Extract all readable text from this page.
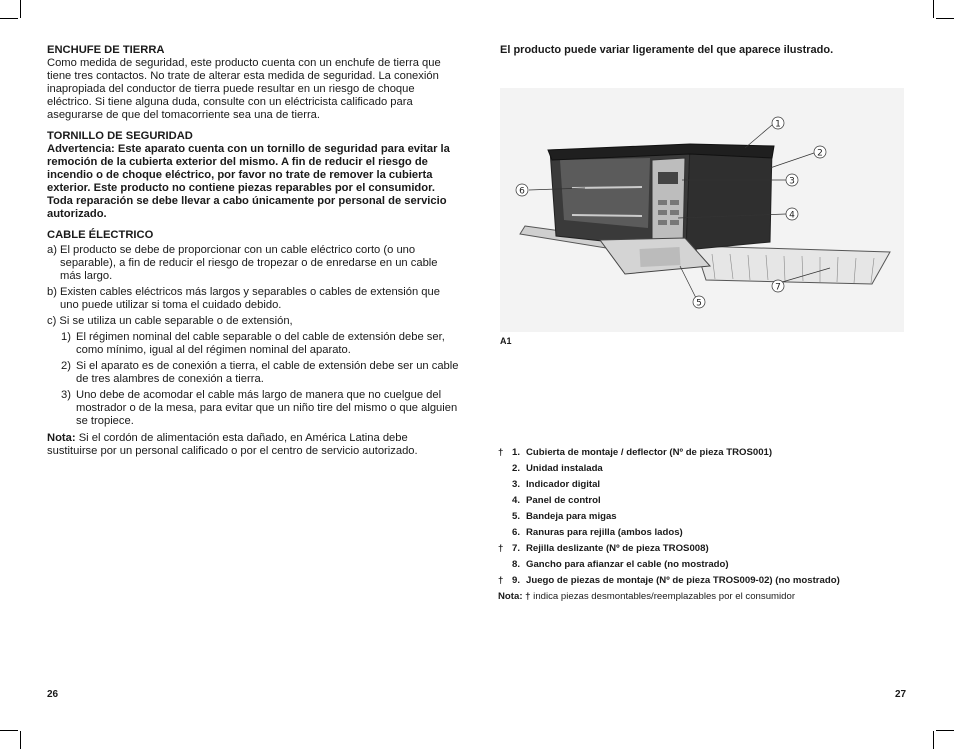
ENCHUFE DE TIERRA

Como medida de seguridad, este producto cuenta con un enchufe de tierra que tiene tres contactos. No trate de alterar esta medida de seguridad. La conexión inapropiada del conductor de tierra puede resultar en un riesgo de choque eléctrico. Si tiene alguna duda, consulte con un eléctricista calificado para asegurarse de que del tomacorriente sea una de tierra.

TORNILLO DE SEGURIDAD

Advertencia: Este aparato cuenta con un tornillo de seguridad para evitar la remoción de la cubierta exterior del mismo. A fin de reducir el riesgo de incendio o de choque eléctrico, por favor no trate de remover la cubierta exterior. Este producto no contiene piezas reparables por el consumidor. Toda reparación se debe llevar a cabo únicamente por personal de servicio autorizado.

CABLE ÉLECTRICO

a) El producto se debe de proporcionar con un cable eléctrico corto (o uno separable), a fin de reducir el riesgo de tropezar o de enredarse en un cable más largo.

b) Existen cables eléctricos más largos y separables o cables de extensión que uno puede utilizar si toma el cuidado debido.

c) Si se utiliza un cable separable o de extensión,

1) El régimen nominal del cable separable o del cable de extensión debe ser, como mínimo, igual al del régimen nominal del aparato.

2) Si el aparato es de conexión a tierra, el cable de extensión debe ser un cable de tres alambres de conexión a tierra.

3) Uno debe de acomodar el cable más largo de manera que no cuelgue del mostrador o de la mesa, para evitar que un niño tire del mismo o que alguien se tropiece.

Nota: Si el cordón de alimentación esta dañado, en América Latina debe sustituirse por un personal calificado o por el centro de servicio autorizado.

26
El producto puede variar ligeramente del que aparece ilustrado.
1
2
3
4
5
6
7
A1
† 1. Cubierta de montaje / deflector (Nº de pieza TROS001)
2. Unidad instalada
3. Indicador digital
4. Panel de control
5. Bandeja para migas
6. Ranuras para rejilla (ambos lados)
† 7. Rejilla deslizante (Nº de pieza TROS008)
8. Gancho para afianzar el cable (no mostrado)
† 9. Juego de piezas de montaje (Nº de pieza TROS009-02) (no mostrado)
Nota: † indica piezas desmontables/reemplazables por el consumidor
27
